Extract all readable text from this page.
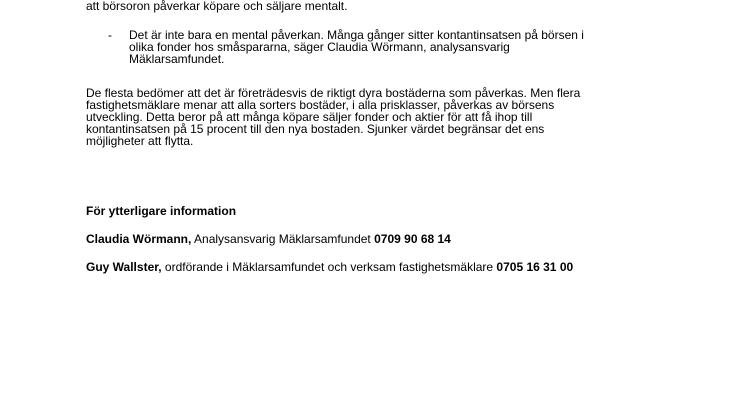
att börsoron påverkar köpare och säljare mentalt.

- Det är inte bara en mental påverkan. Många gånger sitter kontantinsatsen på börsen i

olika fonder hos småspararna, säger Claudia Wörmann, analysansvarig

Mäklarsamfundet.

De flesta bedömer att det är företrädesvis de riktigt dyra bostäderna som påverkas. Men flera

fastighetsmäklare menar att alla sorters bostäder, i alla prisklasser, påverkas av börsens

utveckling. Detta beror på att många köpare säljer fonder och aktier för att få ihop till

kontantinsatsen på 15 procent till den nya bostaden. Sjunker värdet begränsar det ens

möjligheter att flytta.

För ytterligare information

Claudia Wörmann, Analysansvarig Mäklarsamfundet 0709 90 68 14

Guy Wallster, ordförande i Mäklarsamfundet och verksam fastighetsmäklare 0705 16 31 00
